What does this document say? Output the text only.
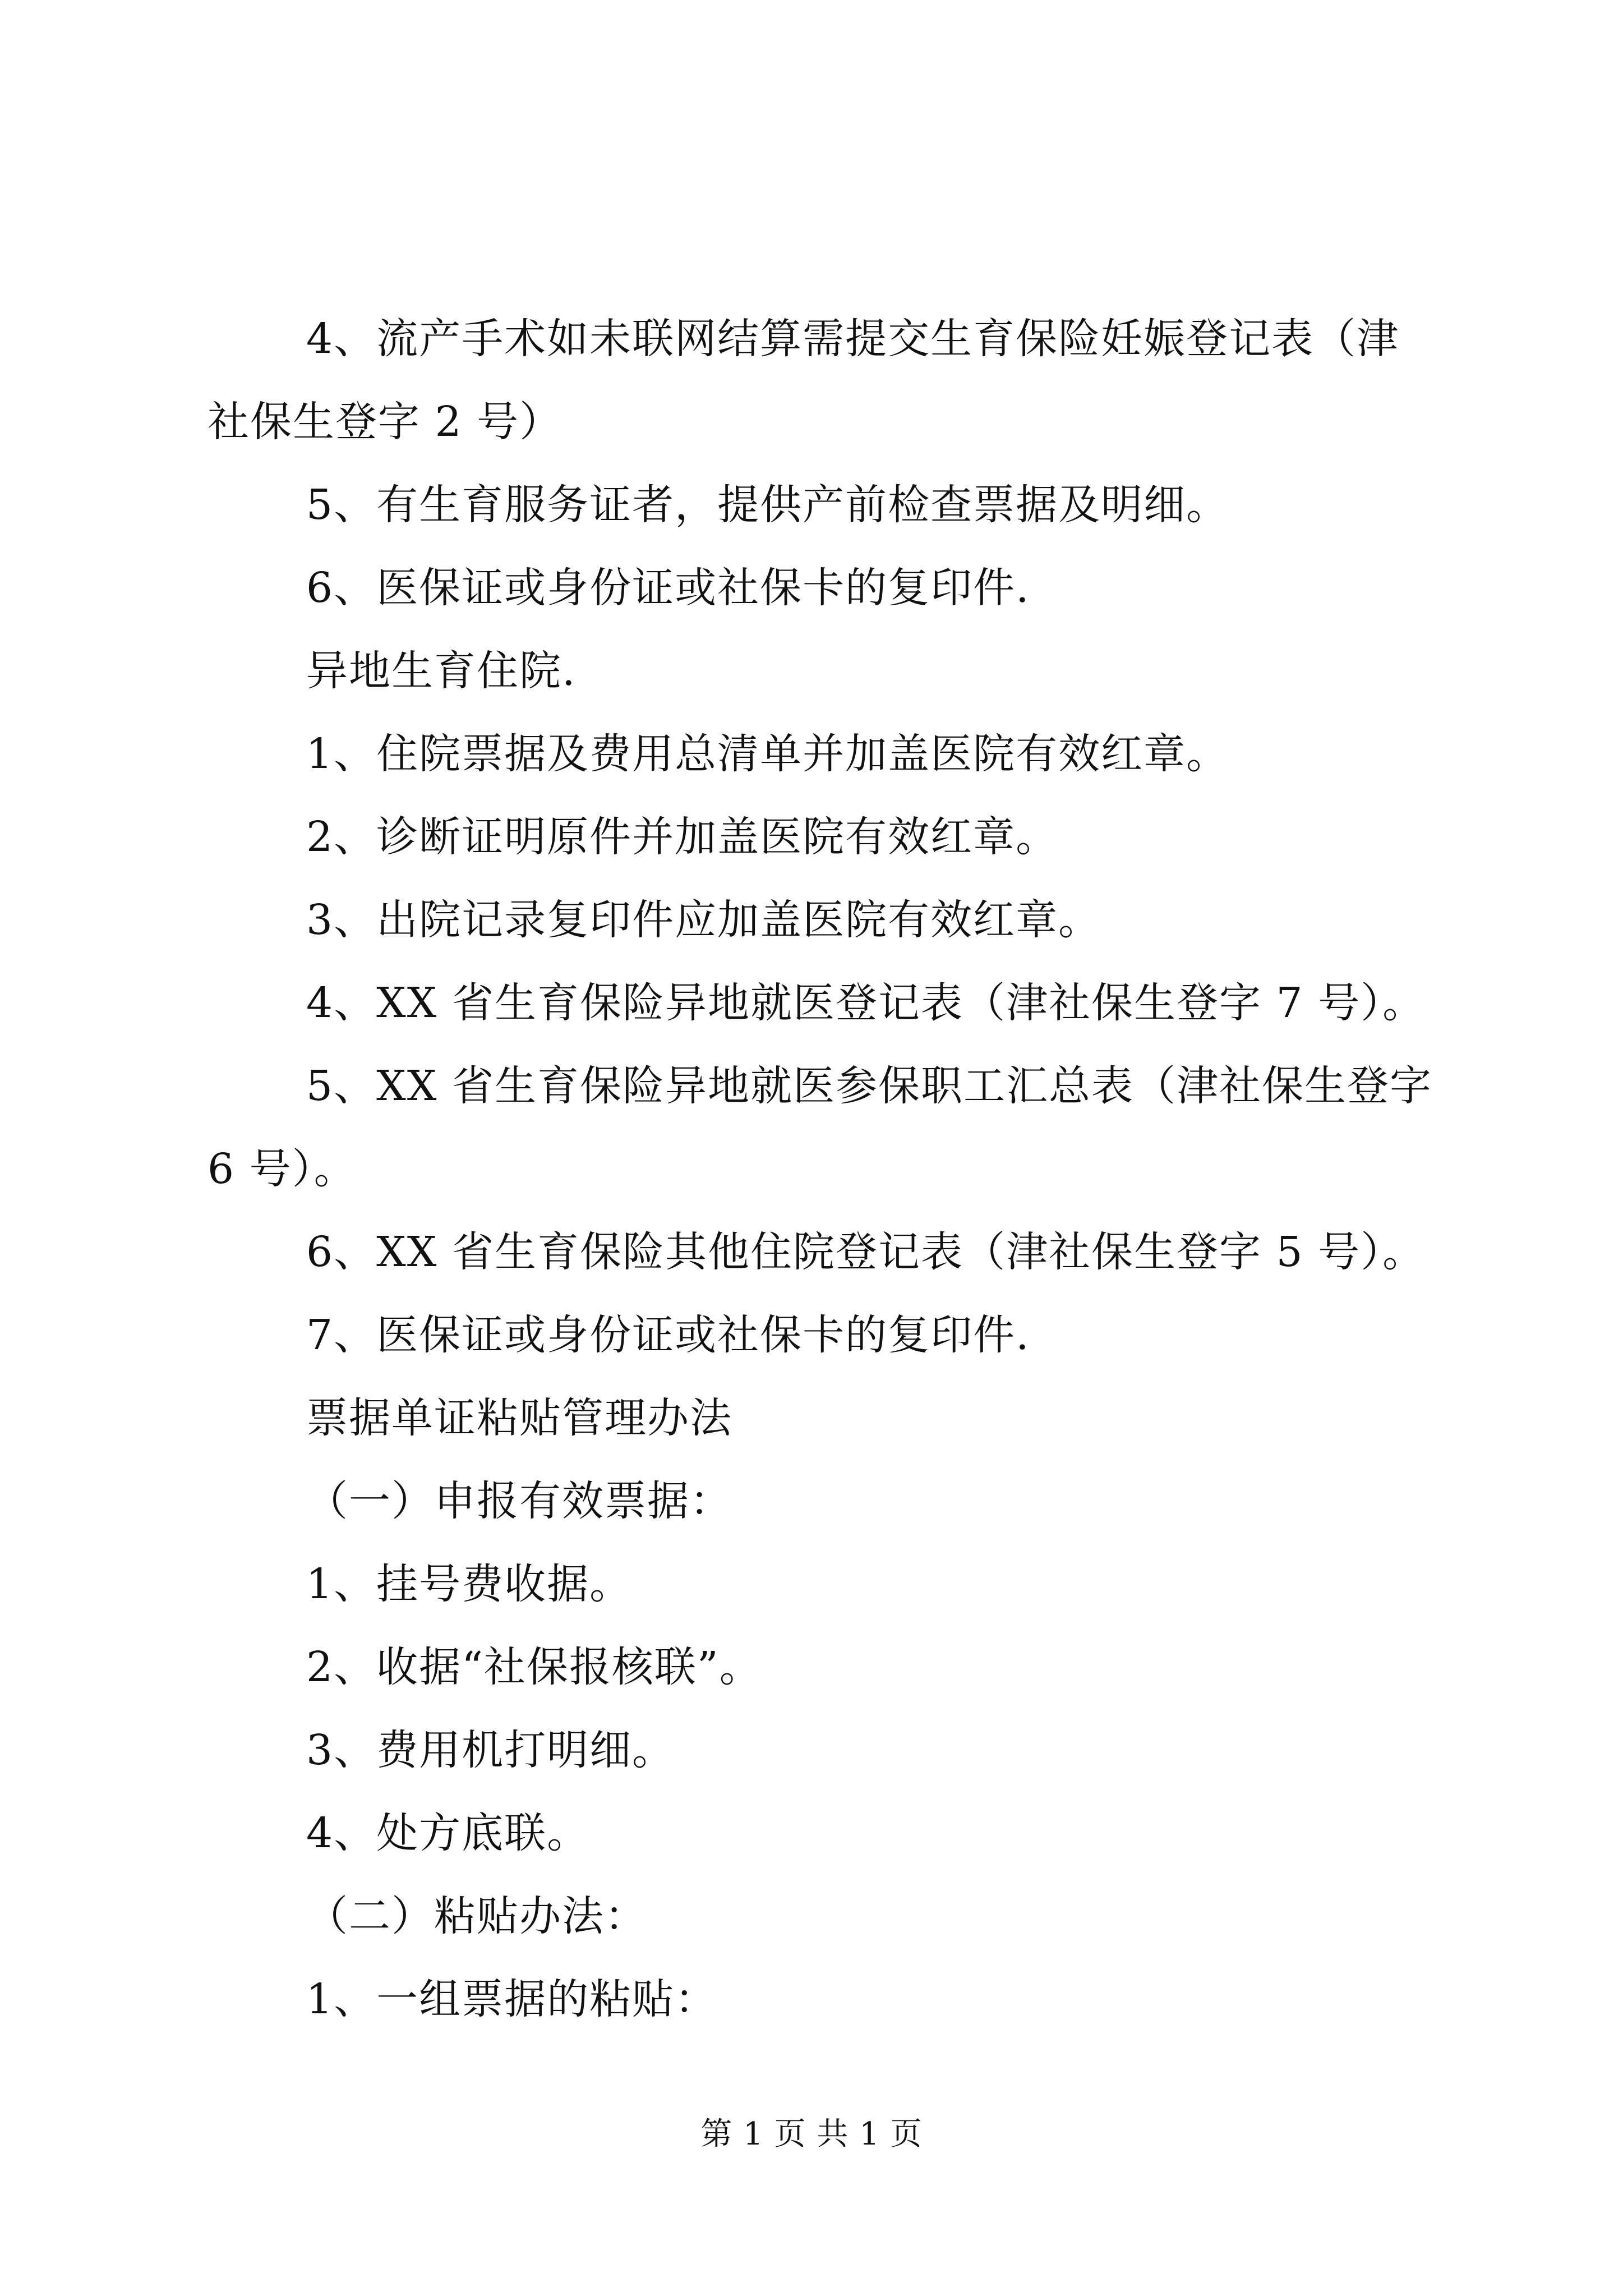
4、流产手术如未联网结算需提交生育保险妊娠登记表（津

社保生登字 2 号）

5、有生育服务证者，提供产前检查票据及明细。

6、医保证或身份证或社保卡的复印件.

异地生育住院.

1、住院票据及费用总清单并加盖医院有效红章。

2、诊断证明原件并加盖医院有效红章。

3、出院记录复印件应加盖医院有效红章。

4、XX 省生育保险异地就医登记表（津社保生登字 7 号）。

5、XX 省生育保险异地就医参保职工汇总表（津社保生登字

6 号）。

6、XX 省生育保险其他住院登记表（津社保生登字 5 号）。

7、医保证或身份证或社保卡的复印件.

票据单证粘贴管理办法

（一）申报有效票据：

1、挂号费收据。

2、收据“社保报核联”。

3、费用机打明细。

4、处方底联。

（二）粘贴办法：

1、一组票据的粘贴：

第 1 页 共 1 页
